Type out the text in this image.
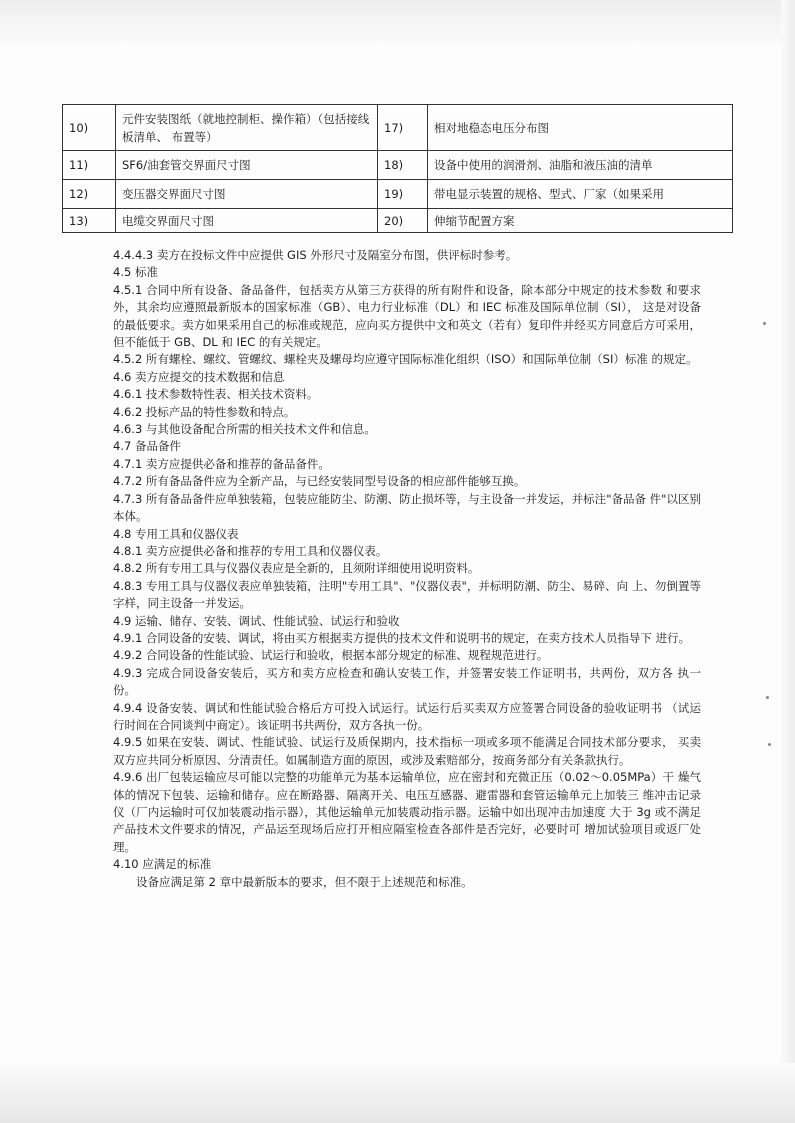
10)	元件安装图纸（就地控制柜、操作箱）（包括接线板清单、 布置等）	17)	相对地稳态电压分布图
11)	SF6/油套管交界面尺寸图	18)	设备中使用的润滑剂、油脂和液压油的清单
12)	变压器交界面尺寸图	19)	带电显示装置的规格、型式、厂家（如果采用
13)	电缆交界面尺寸图	20)	伸缩节配置方案

4.4.4.3 卖方在投标文件中应提供 GIS 外形尺寸及隔室分布图，供评标时参考。

4.5 标准

4.5.1 合同中所有设备、备品备件，包括卖方从第三方获得的所有附件和设备，除本部分中规定的技术参数 和要求外，其余均应遵照最新版本的国家标准（GB）、电力行业标准（DL）和 IEC 标准及国际单位制（SI）， 这是对设备的最低要求。卖方如果采用自己的标准或规范，应向买方提供中文和英文（若有）复印件并经买方同意后方可采用，但不能低于 GB、DL 和 IEC 的有关规定。

4.5.2 所有螺栓、螺纹、管螺纹、螺栓夹及螺母均应遵守国际标准化组织（ISO）和国际单位制（SI）标准 的规定。

4.6 卖方应提交的技术数据和信息

4.6.1 技术参数特性表、相关技术资料。

4.6.2 投标产品的特性参数和特点。

4.6.3 与其他设备配合所需的相关技术文件和信息。

4.7 备品备件

4.7.1 卖方应提供必备和推荐的备品备件。

4.7.2 所有备品备件应为全新产品，与已经安装同型号设备的相应部件能够互换。

4.7.3 所有备品备件应单独装箱，包装应能防尘、防潮、防止损坏等，与主设备一并发运，并标注"备品备 件"以区别本体。

4.8 专用工具和仪器仪表

4.8.1 卖方应提供必备和推荐的专用工具和仪器仪表。

4.8.2 所有专用工具与仪器仪表应是全新的，且须附详细使用说明资料。

4.8.3 专用工具与仪器仪表应单独装箱，注明"专用工具"、"仪器仪表"，并标明防潮、防尘、易碎、向 上、勿倒置等字样，同主设备一并发运。

4.9 运输、储存、安装、调试、性能试验、试运行和验收

4.9.1 合同设备的安装、调试，将由买方根据卖方提供的技术文件和说明书的规定，在卖方技术人员指导下 进行。

4.9.2 合同设备的性能试验、试运行和验收，根据本部分规定的标准、规程规范进行。

4.9.3 完成合同设备安装后，买方和卖方应检查和确认安装工作，并签署安装工作证明书，共两份，双方各 执一份。

4.9.4 设备安装、调试和性能试验合格后方可投入试运行。试运行后买卖双方应签署合同设备的验收证明书 （试运行时间在合同谈判中商定）。该证明书共两份，双方各执一份。

4.9.5 如果在安装、调试、性能试验、试运行及质保期内，技术指标一项或多项不能满足合同技术部分要求， 买卖双方应共同分析原因、分清责任。如属制造方面的原因，或涉及索赔部分，按商务部分有关条款执行。

4.9.6 出厂包装运输应尽可能以完整的功能单元为基本运输单位，应在密封和充微正压（0.02～0.05MPa）干 燥气体的情况下包装、运输和储存。应在断路器、隔离开关、电压互感器、避雷器和套管运输单元上加装三 维冲击记录仪（厂内运输时可仅加装震动指示器），其他运输单元加装震动指示器。运输中如出现冲击加速度 大于 3g 或不满足产品技术文件要求的情况，产品运至现场后应打开相应隔室检查各部件是否完好，必要时可 增加试验项目或返厂处理。

4.10 应满足的标准

设备应满足第 2 章中最新版本的要求，但不限于上述规范和标准。
